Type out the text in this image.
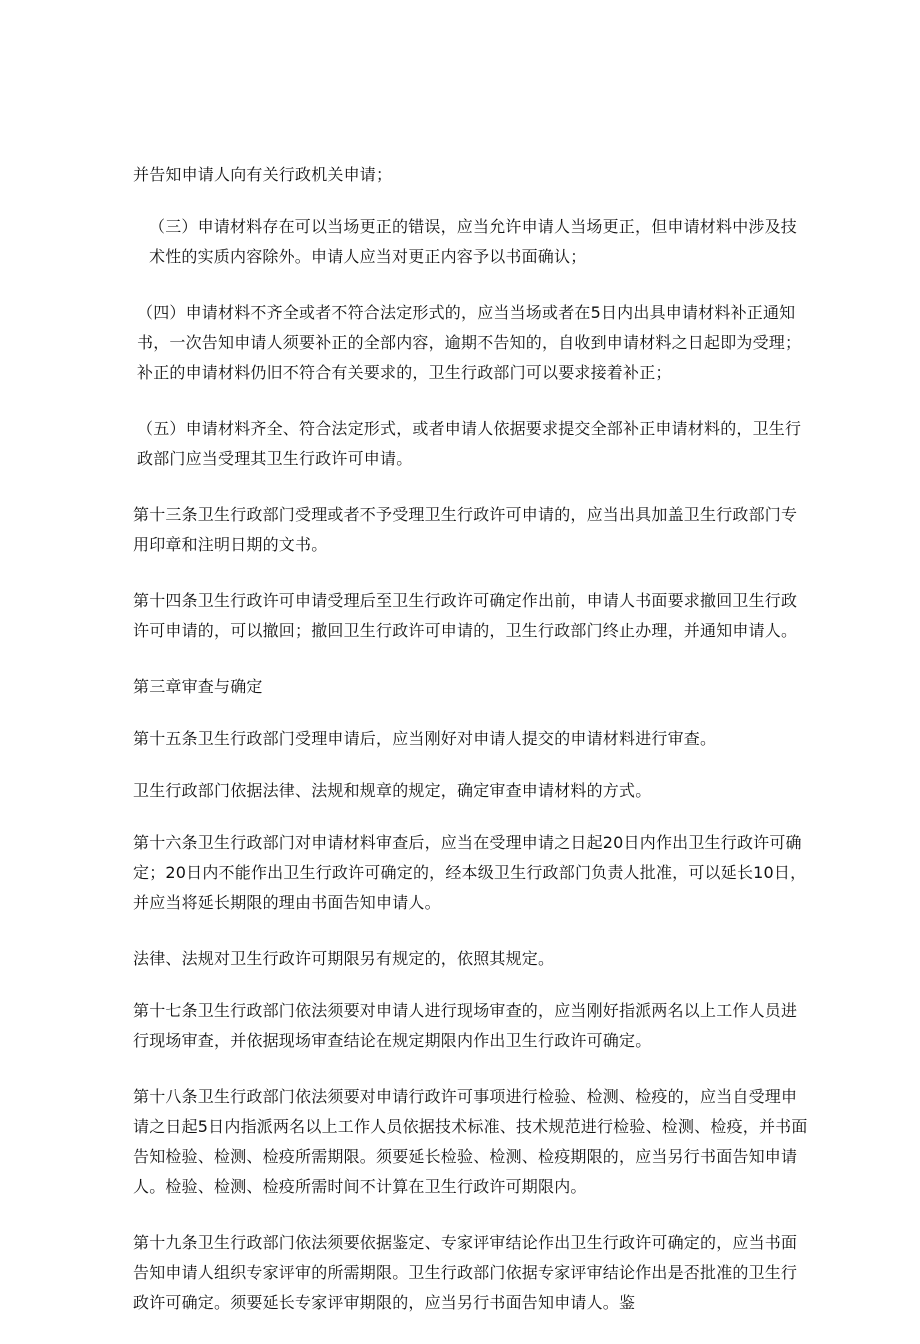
并告知申请人向有关行政机关申请；

（三）申请材料存在可以当场更正的错误，应当允许申请人当场更正，但申请材料中涉及技术性的实质内容除外。申请人应当对更正内容予以书面确认；

（四）申请材料不齐全或者不符合法定形式的，应当当场或者在5日内出具申请材料补正通知书，一次告知申请人须要补正的全部内容，逾期不告知的，自收到申请材料之日起即为受理；补正的申请材料仍旧不符合有关要求的，卫生行政部门可以要求接着补正；

（五）申请材料齐全、符合法定形式，或者申请人依据要求提交全部补正申请材料的，卫生行政部门应当受理其卫生行政许可申请。

第十三条卫生行政部门受理或者不予受理卫生行政许可申请的，应当出具加盖卫生行政部门专用印章和注明日期的文书。

第十四条卫生行政许可申请受理后至卫生行政许可确定作出前，申请人书面要求撤回卫生行政许可申请的，可以撤回；撤回卫生行政许可申请的，卫生行政部门终止办理，并通知申请人。

第三章审查与确定

第十五条卫生行政部门受理申请后，应当刚好对申请人提交的申请材料进行审查。

卫生行政部门依据法律、法规和规章的规定，确定审查申请材料的方式。

第十六条卫生行政部门对申请材料审查后，应当在受理申请之日起20日内作出卫生行政许可确定；20日内不能作出卫生行政许可确定的，经本级卫生行政部门负责人批准，可以延长10日，并应当将延长期限的理由书面告知申请人。

法律、法规对卫生行政许可期限另有规定的，依照其规定。

第十七条卫生行政部门依法须要对申请人进行现场审查的，应当刚好指派两名以上工作人员进行现场审查，并依据现场审查结论在规定期限内作出卫生行政许可确定。

第十八条卫生行政部门依法须要对申请行政许可事项进行检验、检测、检疫的，应当自受理申请之日起5日内指派两名以上工作人员依据技术标准、技术规范进行检验、检测、检疫，并书面告知检验、检测、检疫所需期限。须要延长检验、检测、检疫期限的，应当另行书面告知申请人。检验、检测、检疫所需时间不计算在卫生行政许可期限内。

第十九条卫生行政部门依法须要依据鉴定、专家评审结论作出卫生行政许可确定的，应当书面告知申请人组织专家评审的所需期限。卫生行政部门依据专家评审结论作出是否批准的卫生行政许可确定。须要延长专家评审期限的，应当另行书面告知申请人。鉴
